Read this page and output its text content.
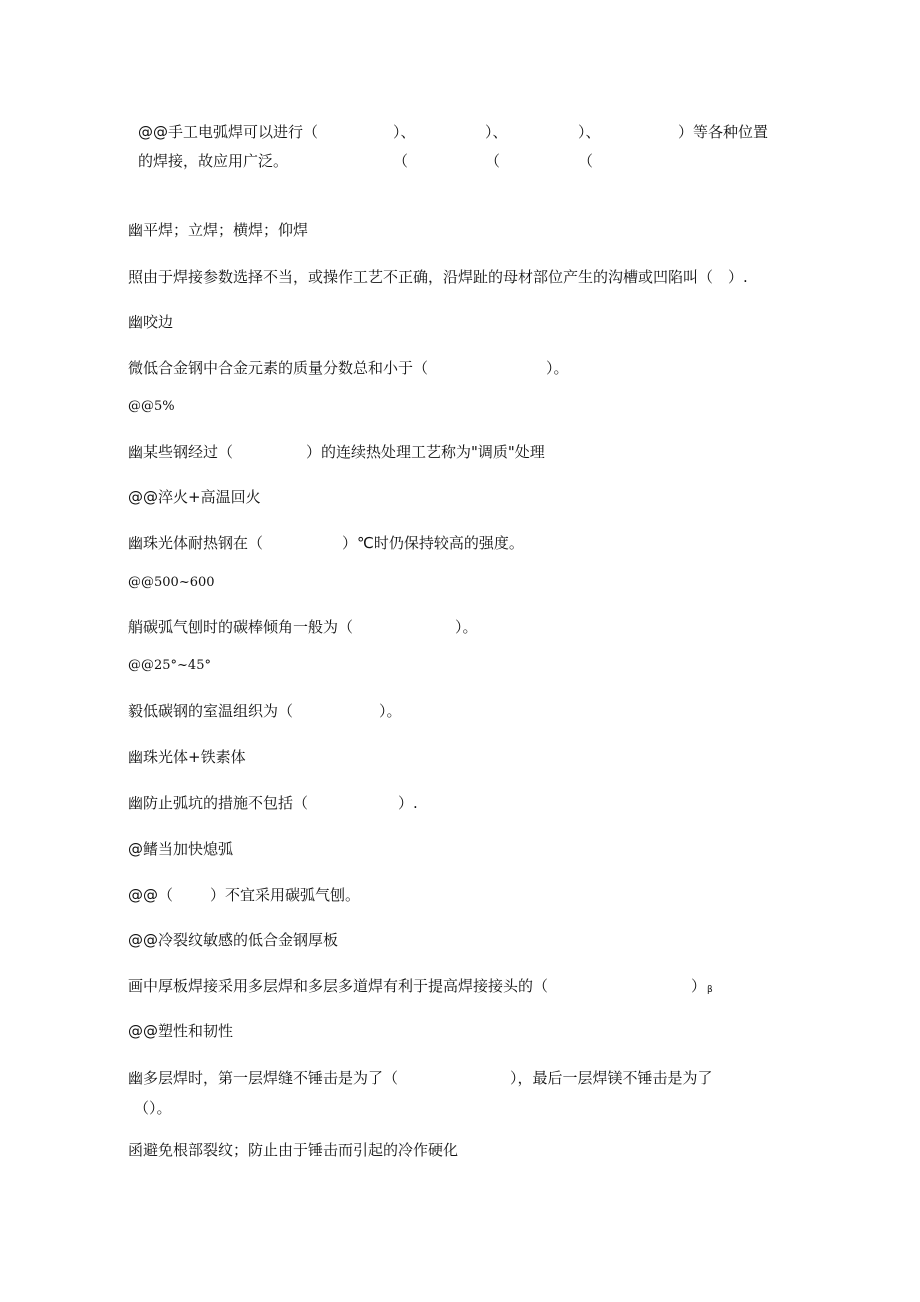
@@手工电弧焊可以进行（	）、	）、	）、	）等各种位置
的焊接，故应用广泛。	（	（	（
幽平焊；立焊；横焊；仰焊
照由于焊接参数选择不当，或操作工艺不正确，沿焊趾的母材部位产生的沟槽或凹陷叫（　）.
幽咬边
微低合金钢中合金元素的质量分数总和小于（	）。
@@5%
幽某些钢经过（	）的连续热处理工艺称为"调质"处理
@@淬火+高温回火
幽珠光体耐热钢在（	）℃时仍保持较高的强度。
@@500~600
艄碳弧气刨时的碳棒倾角一般为（	）。
@@25°~45°
毅低碳钢的室温组织为（	）。
幽珠光体+铁素体
幽防止弧坑的措施不包括（	）.
@鳍当加快熄弧
@@（ ）不宜采用碳弧气刨。
@@冷裂纹敏感的低合金钢厚板
画中厚板焊接采用多层焊和多层多道焊有利于提高焊接接头的（	） β
@@塑性和韧性
幽多层焊时，第一层焊缝不锤击是为了（	），最后一层焊镁不锤击是为了
（）。
函避免根部裂纹；防止由于锤击而引起的冷作硬化
